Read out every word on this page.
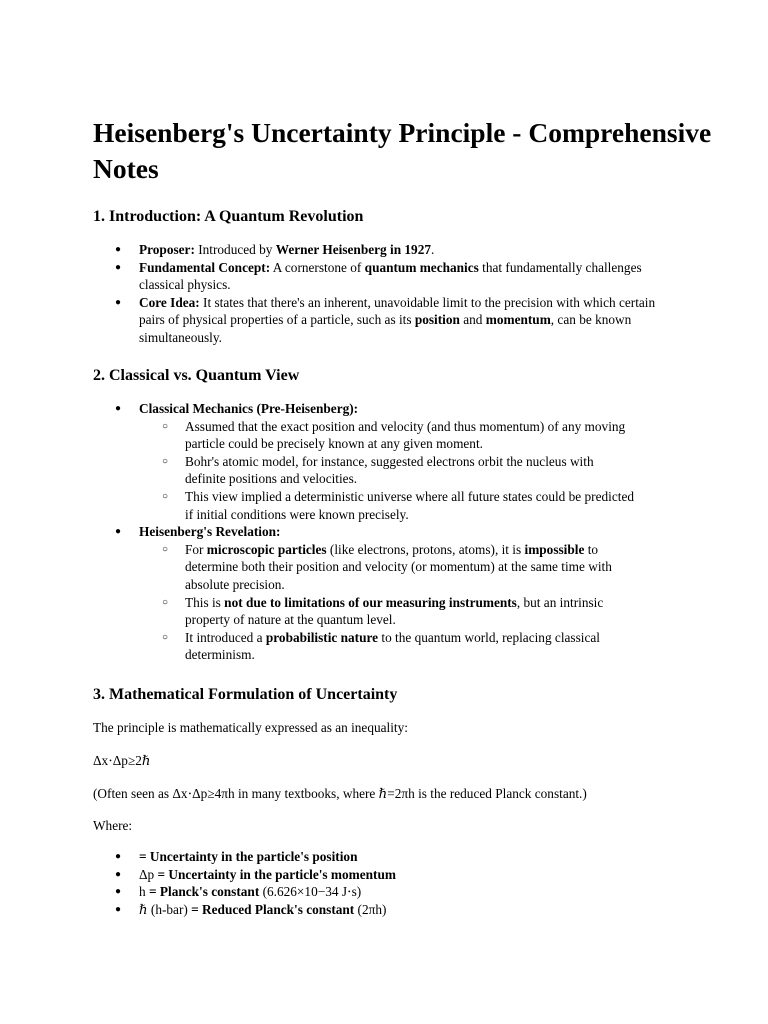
Heisenberg's Uncertainty Principle - Comprehensive Notes
1. Introduction: A Quantum Revolution
● Proposer: Introduced by Werner Heisenberg in 1927.
● Fundamental Concept: A cornerstone of quantum mechanics that fundamentally challenges classical physics.
● Core Idea: It states that there's an inherent, unavoidable limit to the precision with which certain pairs of physical properties of a particle, such as its position and momentum, can be known simultaneously.
2. Classical vs. Quantum View
● Classical Mechanics (Pre-Heisenberg):
○ Assumed that the exact position and velocity (and thus momentum) of any moving particle could be precisely known at any given moment.
○ Bohr's atomic model, for instance, suggested electrons orbit the nucleus with definite positions and velocities.
○ This view implied a deterministic universe where all future states could be predicted if initial conditions were known precisely.
● Heisenberg's Revelation:
○ For microscopic particles (like electrons, protons, atoms), it is impossible to determine both their position and velocity (or momentum) at the same time with absolute precision.
○ This is not due to limitations of our measuring instruments, but an intrinsic property of nature at the quantum level.
○ It introduced a probabilistic nature to the quantum world, replacing classical determinism.
3. Mathematical Formulation of Uncertainty

The principle is mathematically expressed as an inequality:

Δx⋅Δp≥2ℏ

(Often seen as Δx⋅Δp≥4πh in many textbooks, where ℏ=2πh is the reduced Planck constant.)

Where:

● = Uncertainty in the particle's position
● Δp = Uncertainty in the particle's momentum
● h = Planck's constant (6.626×10−34 J⋅s)
● ℏ (h-bar) = Reduced Planck's constant (2πh)
